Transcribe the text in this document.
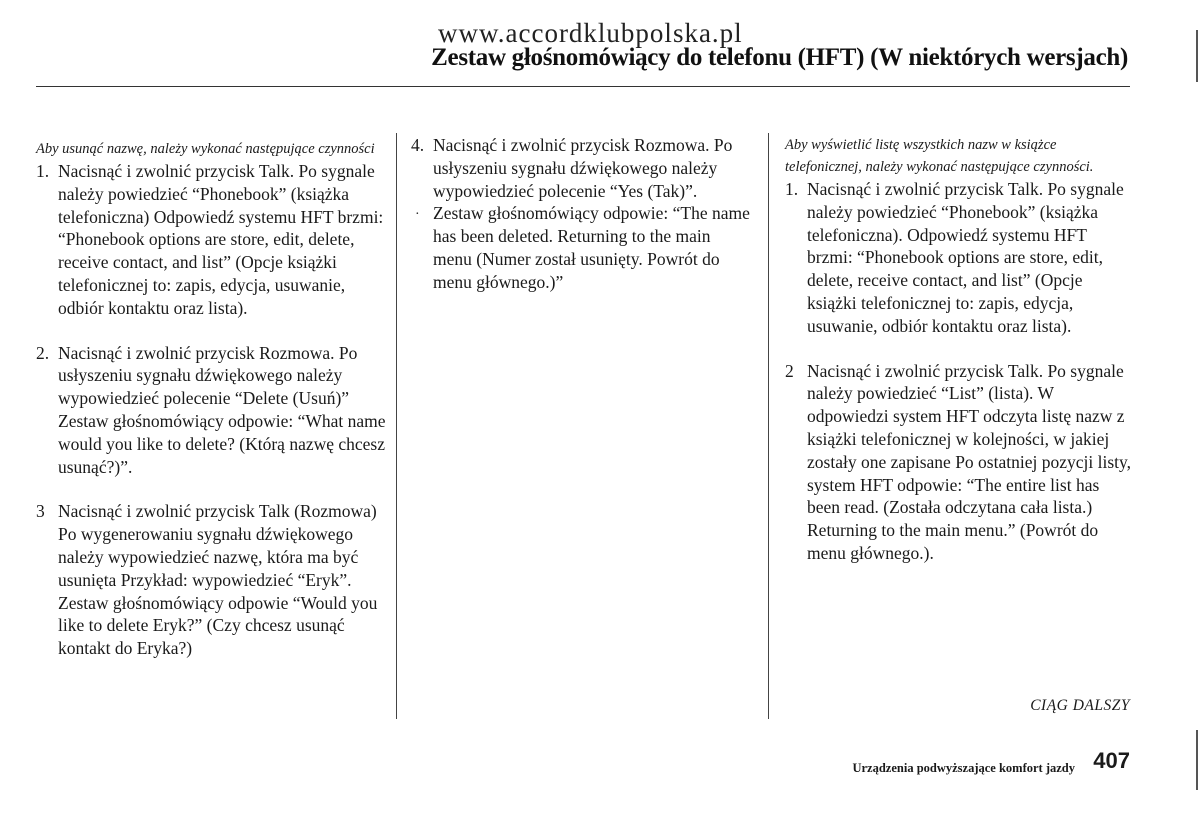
www.accordklubpolska.pl
Zestaw głośnomówiący do telefonu (HFT) (W niektórych wersjach)

Aby usunąć nazwę, należy wykonać następujące czynności

1. Nacisnąć i zwolnić przycisk Talk. Po sygnale należy powiedzieć “Phonebook” (książka telefoniczna) Odpowiedź systemu HFT brzmi: “Phonebook options are store, edit, delete, receive contact, and list” (Opcje książki telefonicznej to: zapis, edycja, usuwanie, odbiór kontaktu oraz lista).
2. Nacisnąć i zwolnić przycisk Rozmowa. Po usłyszeniu sygnału dźwiękowego należy wypowiedzieć polecenie “Delete (Usuń)” Zestaw głośnomówiący odpowie: “What name would you like to delete? (Którą nazwę chcesz usunąć?)”.
3 Nacisnąć i zwolnić przycisk Talk (Rozmowa) Po wygenerowaniu sygnału dźwiękowego należy wypowiedzieć nazwę, która ma być usunięta Przykład: wypowiedzieć “Eryk”. Zestaw głośnomówiący odpowie “Would you like to delete Eryk?” (Czy chcesz usunąć kontakt do Eryka?)
4. Nacisnąć i zwolnić przycisk Rozmowa. Po usłyszeniu sygnału dźwiękowego należy wypowiedzieć polecenie “Yes (Tak)”.
· Zestaw głośnomówiący odpowie: “The name has been deleted. Returning to the main menu (Numer został usunięty. Powrót do menu głównego.)”

Aby wyświetlić listę wszystkich nazw w książce telefonicznej, należy wykonać następujące czynności.

1. Nacisnąć i zwolnić przycisk Talk. Po sygnale należy powiedzieć “Phonebook” (książka telefoniczna). Odpowiedź systemu HFT brzmi: “Phonebook options are store, edit, delete, receive contact, and list” (Opcje książki telefonicznej to: zapis, edycja, usuwanie, odbiór kontaktu oraz lista).
2 Nacisnąć i zwolnić przycisk Talk. Po sygnale należy powiedzieć “List” (lista). W odpowiedzi system HFT odczyta listę nazw z książki telefonicznej w kolejności, w jakiej zostały one zapisane Po ostatniej pozycji listy, system HFT odpowie: “The entire list has been read. (Została odczytana cała lista.) Returning to the main menu.” (Powrót do menu głównego.).
CIĄG DALSZY
Urządzenia podwyższające komfort jazdy 407
